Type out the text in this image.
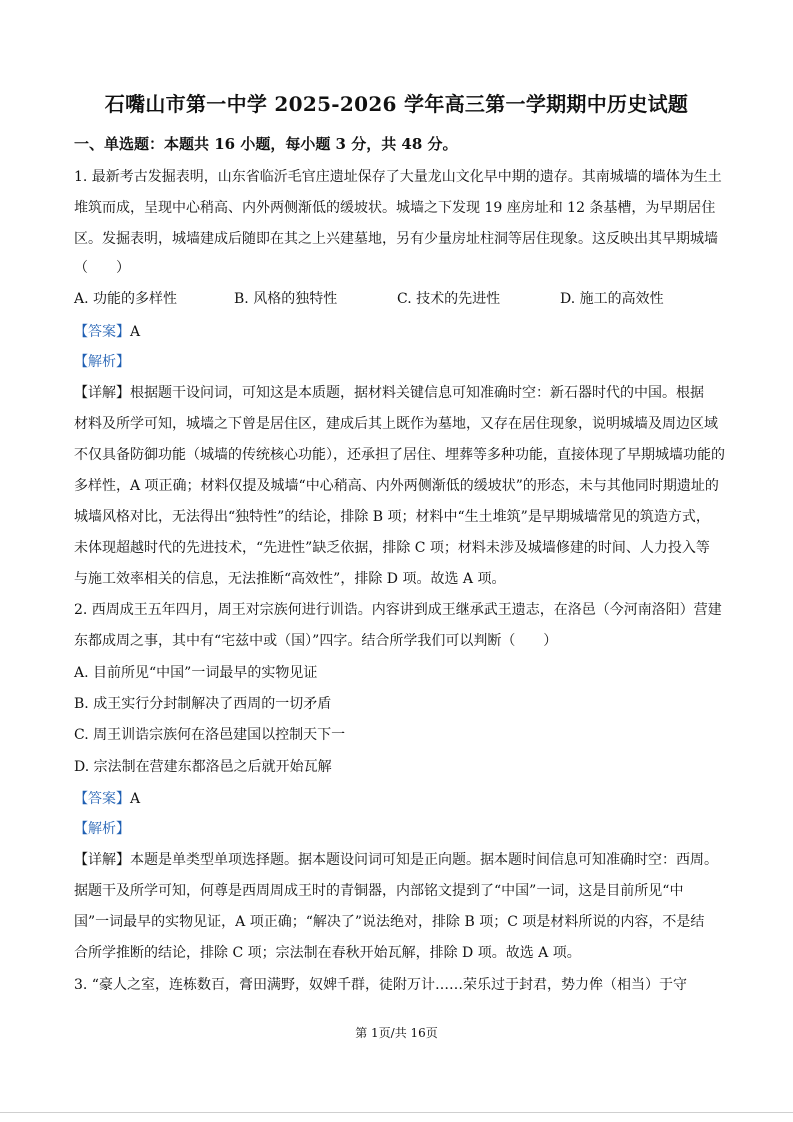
石嘴山市第一中学 2025-2026 学年高三第一学期期中历史试题
一、单选题：本题共 16 小题，每小题 3 分，共 48 分。
1. 最新考古发掘表明，山东省临沂毛官庄遗址保存了大量龙山文化早中期的遗存。其南城墙的墙体为生土
堆筑而成，呈现中心稍高、内外两侧渐低的缓坡状。城墙之下发现 19 座房址和 12 条基槽，为早期居住
区。发掘表明，城墙建成后随即在其之上兴建墓地，另有少量房址柱洞等居住现象。这反映出其早期城墙
（　　）
A. 功能的多样性	B. 风格的独特性	C. 技术的先进性	D. 施工的高效性
【答案】A
【解析】
【详解】根据题干设问词，可知这是本质题，据材料关键信息可知准确时空：新石器时代的中国。根据
材料及所学可知，城墙之下曾是居住区，建成后其上既作为墓地，又存在居住现象，说明城墙及周边区域
不仅具备防御功能（城墙的传统核心功能），还承担了居住、埋葬等多种功能，直接体现了早期城墙功能的
多样性，A 项正确；材料仅提及城墙“中心稍高、内外两侧渐低的缓坡状”的形态，未与其他同时期遗址的
城墙风格对比，无法得出“独特性”的结论，排除 B 项；材料中“生土堆筑”是早期城墙常见的筑造方式，
未体现超越时代的先进技术，“先进性”缺乏依据，排除 C 项；材料未涉及城墙修建的时间、人力投入等
与施工效率相关的信息，无法推断“高效性”，排除 D 项。故选 A 项。
2. 西周成王五年四月，周王对宗族何进行训诰。内容讲到成王继承武王遗志，在洛邑（今河南洛阳）营建
东都成周之事，其中有“宅兹中或（国）”四字。结合所学我们可以判断（　　）
A. 目前所见“中国”一词最早的实物见证
B. 成王实行分封制解决了西周的一切矛盾
C. 周王训诰宗族何在洛邑建国以控制天下一
D. 宗法制在营建东都洛邑之后就开始瓦解
【答案】A
【解析】
【详解】本题是单类型单项选择题。据本题设问词可知是正向题。据本题时间信息可知准确时空：西周。
据题干及所学可知，何尊是西周周成王时的青铜器，内部铭文提到了“中国”一词，这是目前所见“中
国”一词最早的实物见证，A 项正确；“解决了”说法绝对，排除 B 项；C 项是材料所说的内容，不是结
合所学推断的结论，排除 C 项；宗法制在春秋开始瓦解，排除 D 项。故选 A 项。
3. “豪人之室，连栋数百，膏田满野，奴婢千群，徒附万计……荣乐过于封君，势力侔（相当）于守
第 1页/共 16页
